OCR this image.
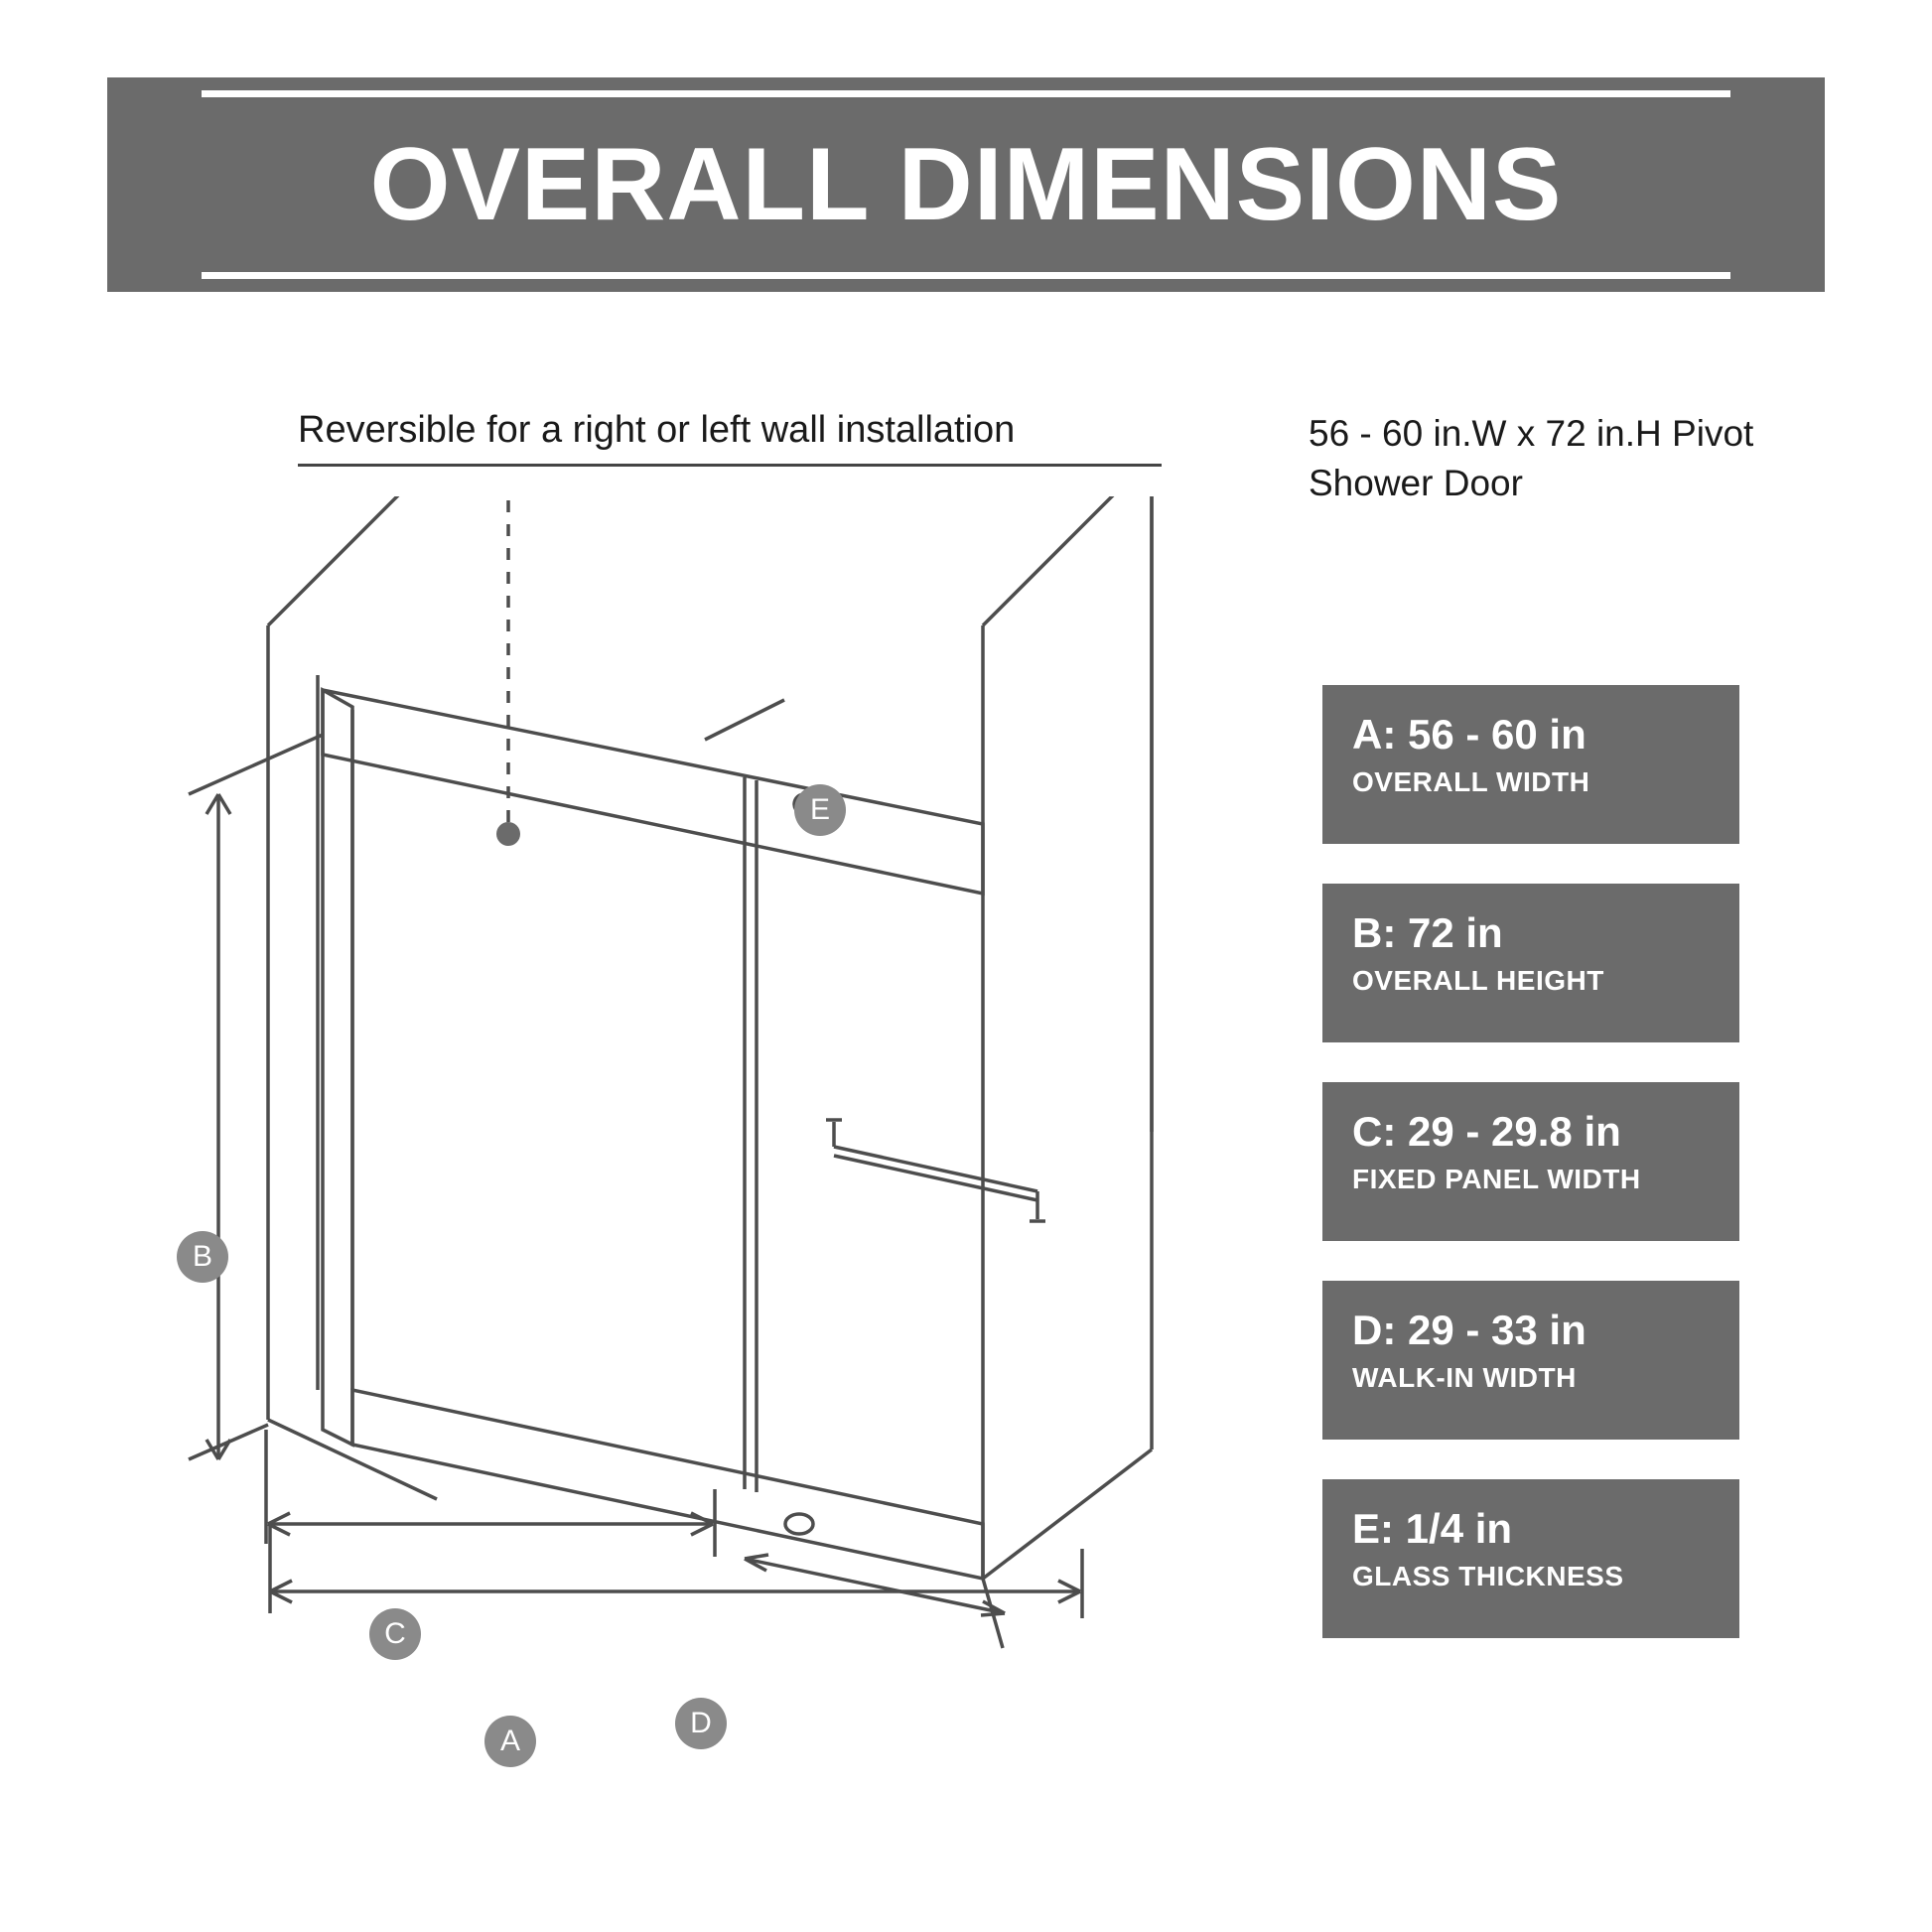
OVERALL DIMENSIONS
Reversible for a right or left wall installation	56 - 60 in.W x 72 in.H Pivot Shower Door
A: 56 - 60 in
OVERALL WIDTH
B: 72 in
OVERALL HEIGHT
C: 29 - 29.8 in
FIXED PANEL WIDTH
D: 29 - 33 in
WALK-IN WIDTH
E: 1/4 in
GLASS THICKNESS
B
C
A
D
E
